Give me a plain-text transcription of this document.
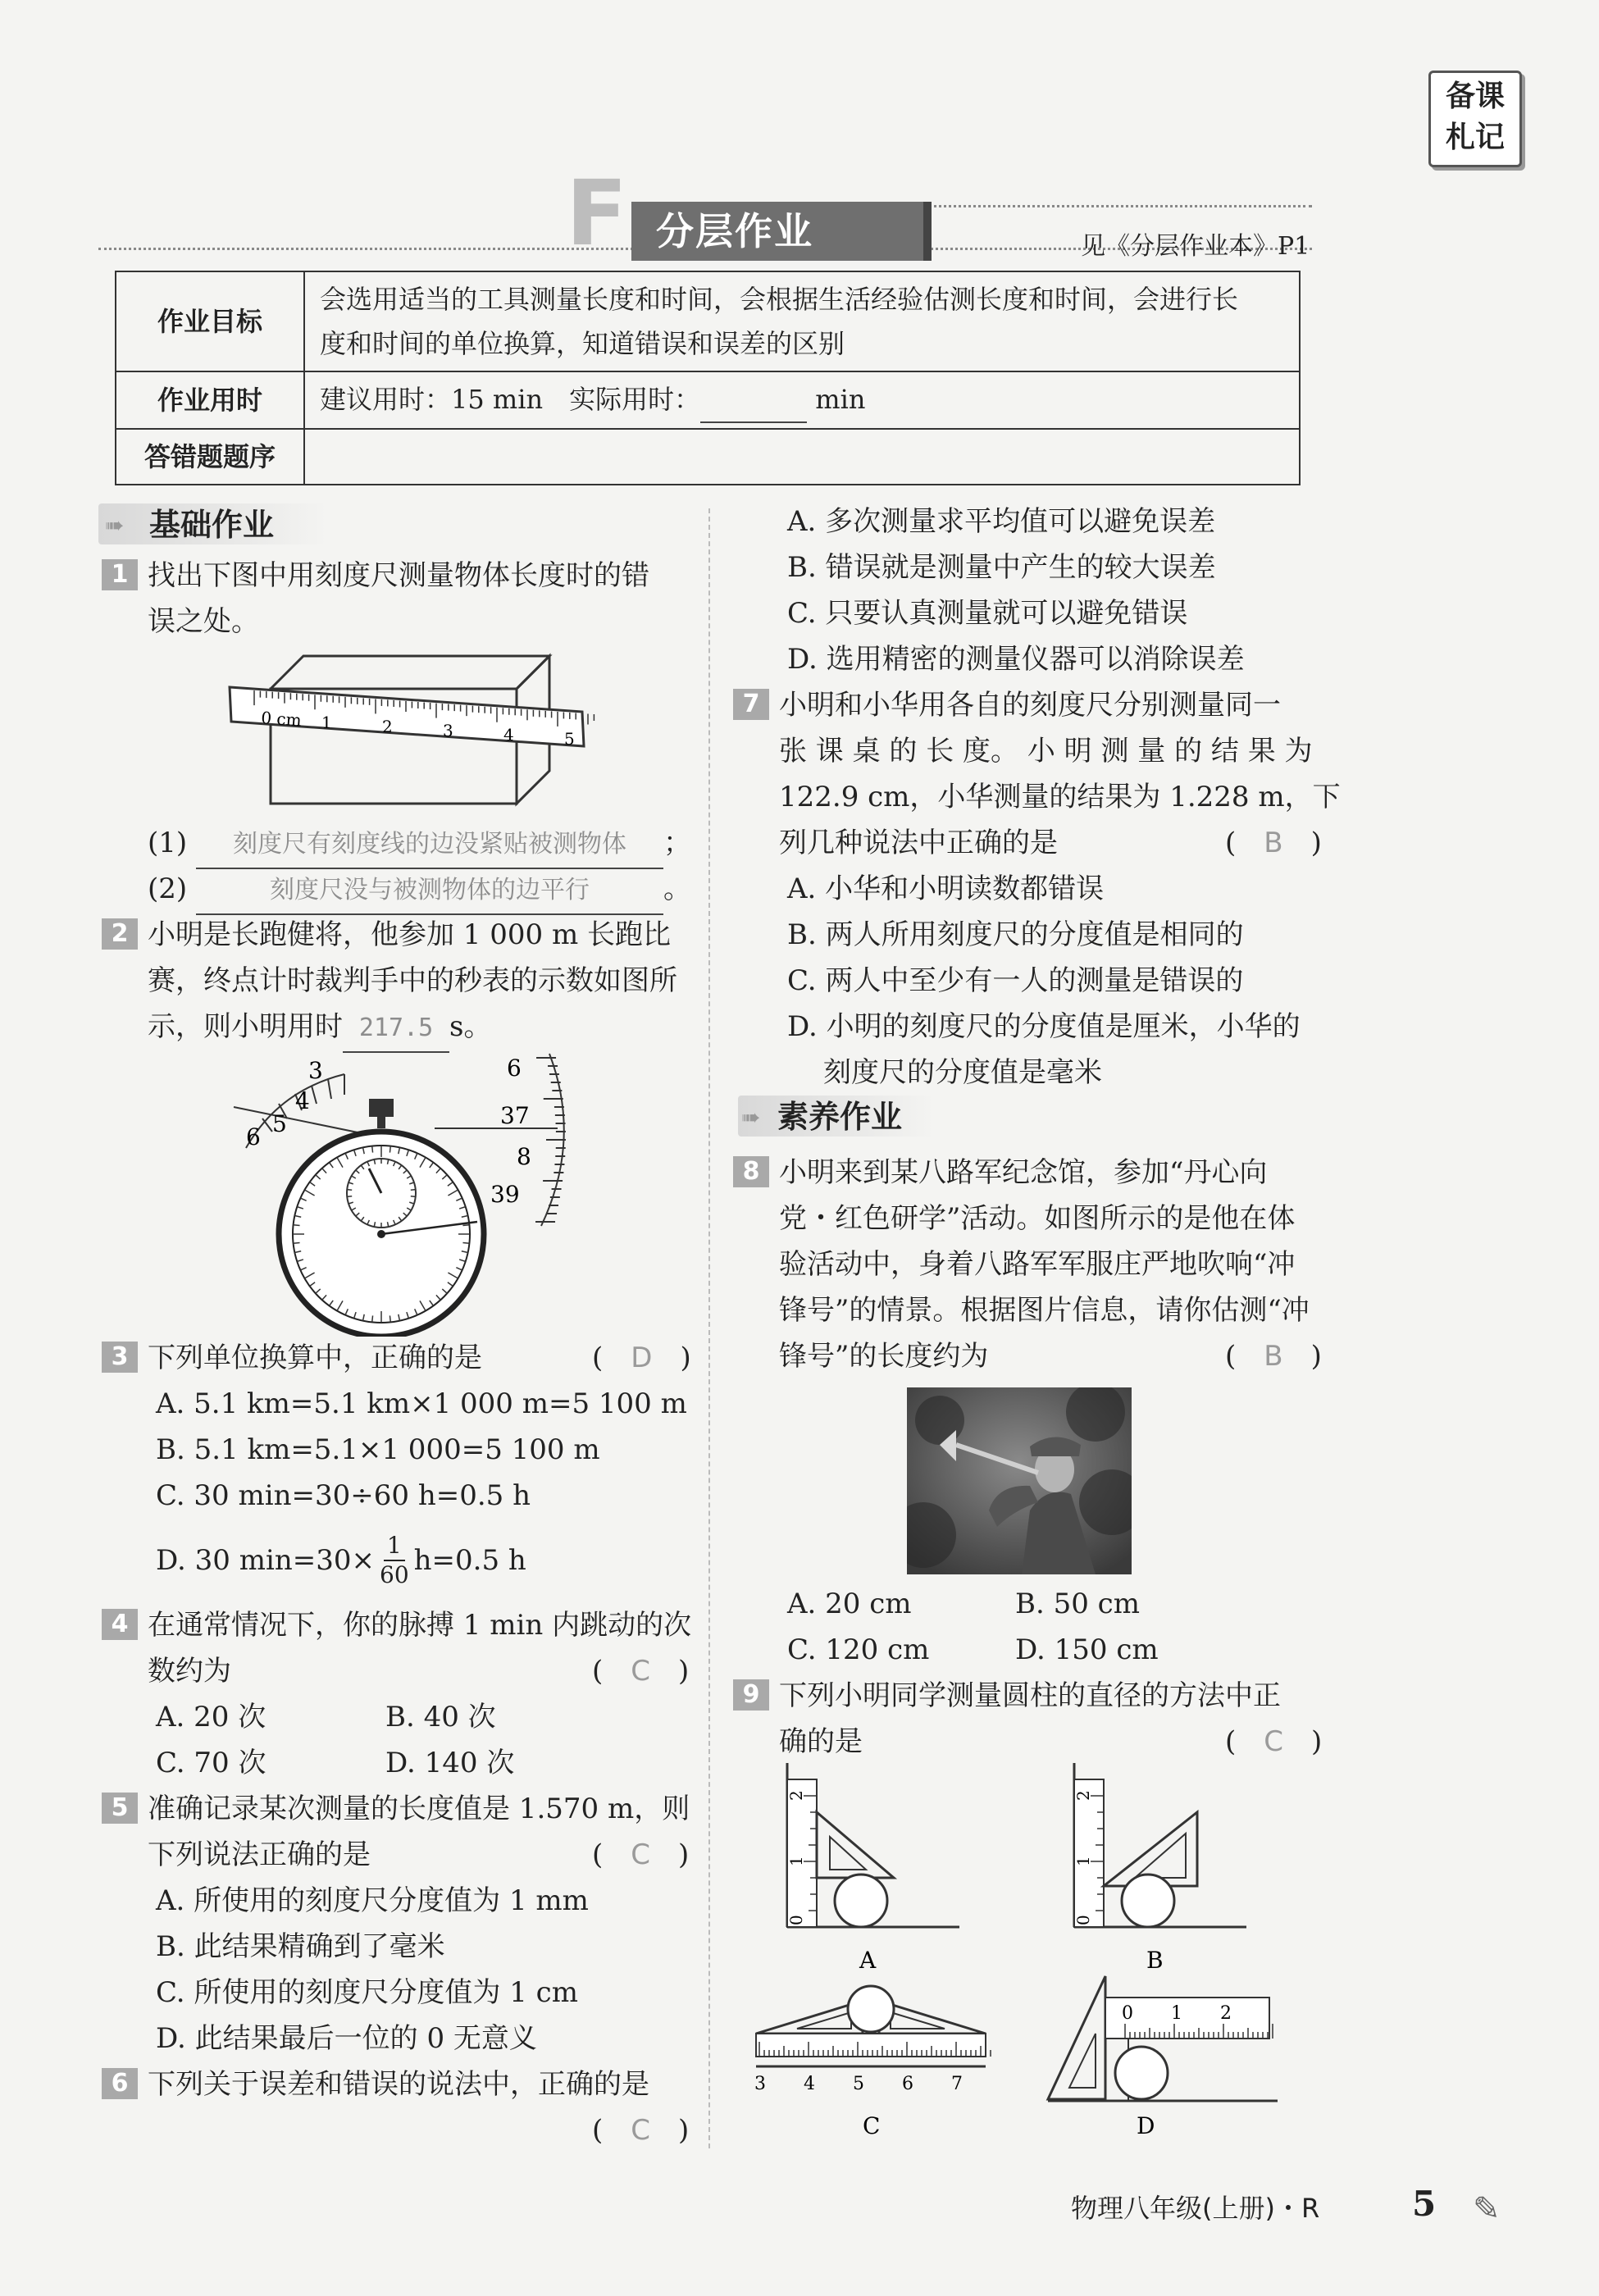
备课
札记
F 分层作业	见《分层作业本》P1
作业目标	会选用适当的工具测量长度和时间，会根据生活经验估测长度和时间，会进行长
度和时间的单位换算，知道错误和误差的区别

作业用时	建议用时：15 min　实际用时： min
答错题题序	
➠ 基础作业
1 找出下图中用刻度尺测量物体长度时的错
误之处。
0 cm 1	2	3	4	5
(1) 刻度尺有刻度线的边没紧贴被测物体 ；
(2)	刻度尺没与被测物体的边平行	。
2 小明是长跑健将，他参加 1 000 m 长跑比
赛，终点计时裁判手中的秒表的示数如图所
示，则小明用时 217.5 s。
3
4
5
6
6
37
8
39
3 下列单位换算中，正确的是	(　D　)
A. 5.1 km=5.1 km×1 000 m=5 100 m
B. 5.1 km=5.1×1 000=5 100 m
C. 30 min=30÷60 h=0.5 h
D. 30 $\min=30\times \frac{1}{60} h=0.5$ h
4 在通常情况下，你的脉搏 1 min 内跳动的次
数约为	(　C　)
A. 20 次	B. 40 次
C. 70 次	D. 140 次
5 准确记录某次测量的长度值是 1.570 m，则
下列说法正确的是	(　C　)
A. 所使用的刻度尺分度值为 1 mm
B. 此结果精确到了毫米
C. 所使用的刻度尺分度值为 1 cm
D. 此结果最后一位的 0 无意义
6 下列关于误差和错误的说法中，正确的是
(　C　)
A. 多次测量求平均值可以避免误差
B. 错误就是测量中产生的较大误差
C. 只要认真测量就可以避免错误
D. 选用精密的测量仪器可以消除误差
7 小明和小华用各自的刻度尺分别测量同一
张 课 桌 的 长 度。 小 明 测 量 的 结 果 为
122.9 cm，小华测量的结果为 1.228 m，下
列几种说法中正确的是	(　B　)
A. 小华和小明读数都错误
B. 两人所用刻度尺的分度值是相同的
C. 两人中至少有一人的测量是错误的
D. 小明的刻度尺的分度值是厘米，小华的
刻度尺的分度值是毫米
➠ 素养作业
8 小明来到某八路军纪念馆，参加“丹心向
党・红色研学”活动。如图所示的是他在体
验活动中，身着八路军军服庄严地吹响“冲
锋号”的情景。根据图片信息，请你估测“冲
锋号”的长度约为	(　B　)
A. 20 cm	B. 50 cm
C. 120 cm	D. 150 cm
9 下列小明同学测量圆柱的直径的方法中正
确的是	(　C　)
0
1
2
A
0
1
2
B
3 4 5 6 7
C
0 1 2
D
物理八年级(上册)・R	5 ✎
